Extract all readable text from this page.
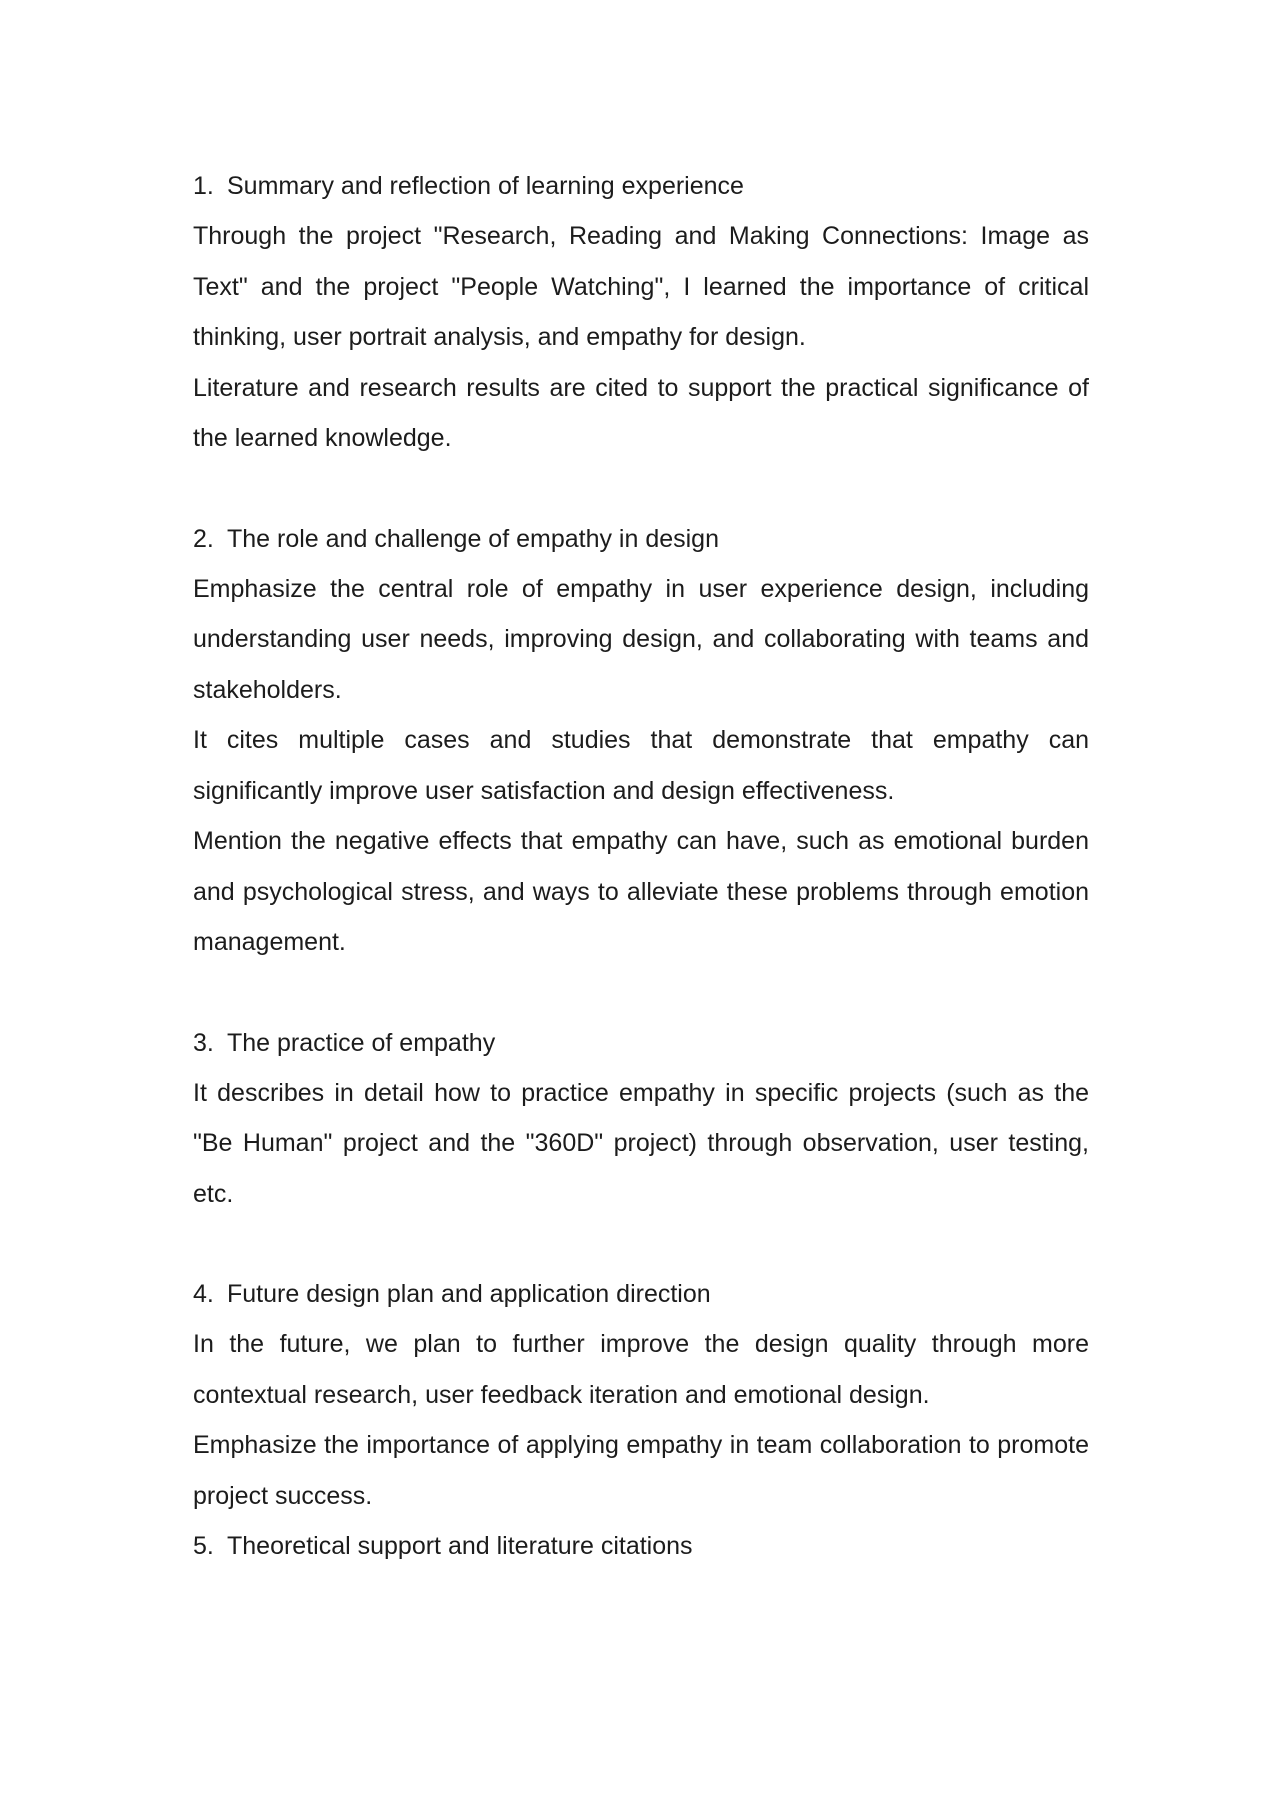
1. Summary and reflection of learning experience

Through the project "Research, Reading and Making Connections: Image as Text" and the project "People Watching", I learned the importance of critical thinking, user portrait analysis, and empathy for design.

Literature and research results are cited to support the practical significance of the learned knowledge.

2. The role and challenge of empathy in design

Emphasize the central role of empathy in user experience design, including understanding user needs, improving design, and collaborating with teams and stakeholders.

It cites multiple cases and studies that demonstrate that empathy can significantly improve user satisfaction and design effectiveness.

Mention the negative effects that empathy can have, such as emotional burden and psychological stress, and ways to alleviate these problems through emotion management.

3. The practice of empathy

It describes in detail how to practice empathy in specific projects (such as the "Be Human" project and the "360D" project) through observation, user testing, etc.

4. Future design plan and application direction

In the future, we plan to further improve the design quality through more contextual research, user feedback iteration and emotional design.

Emphasize the importance of applying empathy in team collaboration to promote project success.

5. Theoretical support and literature citations
